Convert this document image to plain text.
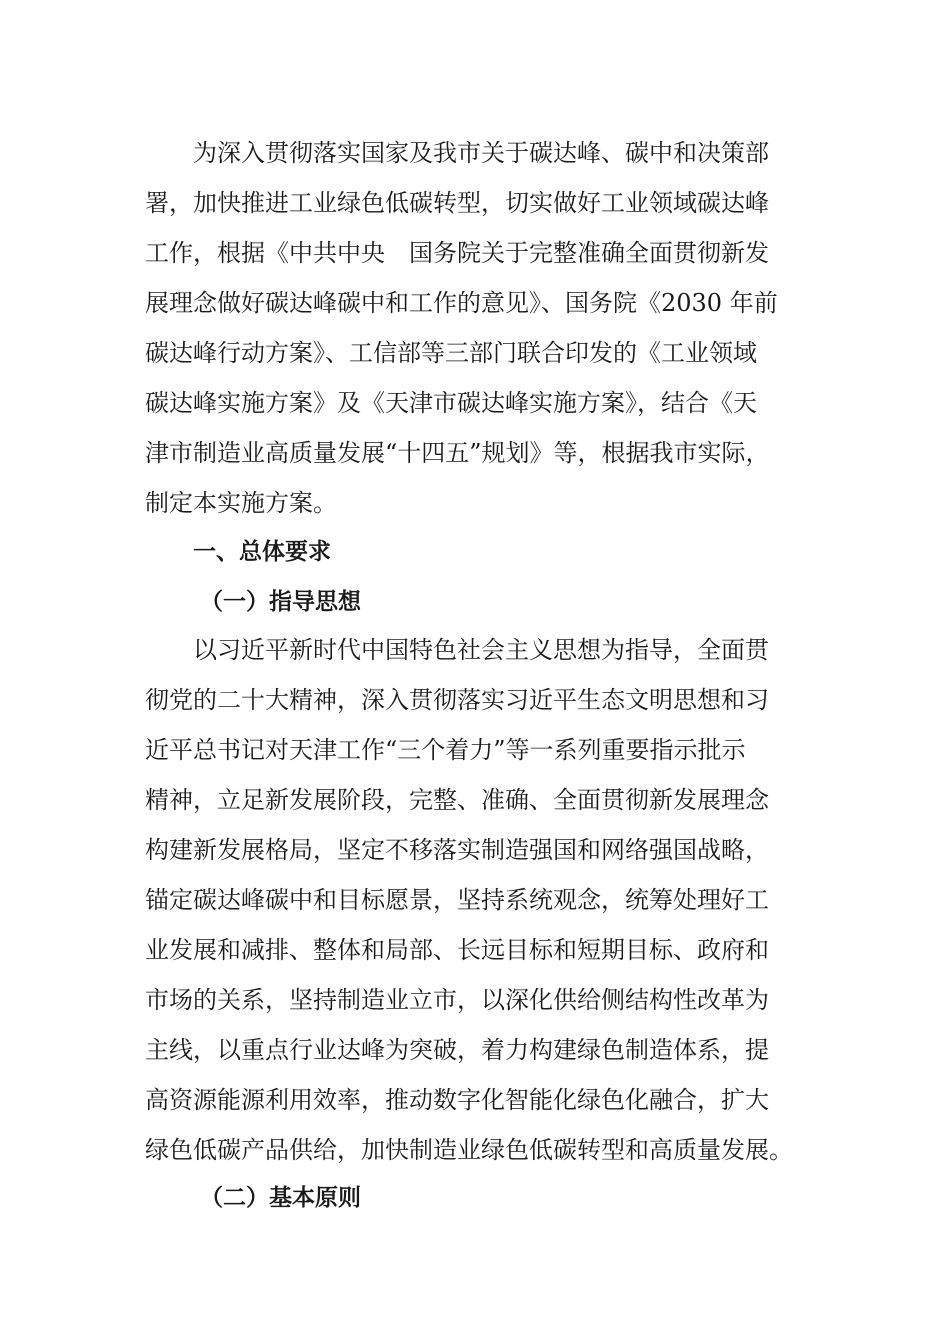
为深入贯彻落实国家及我市关于碳达峰、碳中和决策部
署，加快推进工业绿色低碳转型，切实做好工业领域碳达峰
工作，根据《中共中央　国务院关于完整准确全面贯彻新发
展理念做好碳达峰碳中和工作的意见》、国务院《2030 年前
碳达峰行动方案》、工信部等三部门联合印发的《工业领域
碳达峰实施方案》及《天津市碳达峰实施方案》，结合《天
津市制造业高质量发展“十四五”规划》等，根据我市实际，
制定本实施方案。
一、总体要求
（一）指导思想
以习近平新时代中国特色社会主义思想为指导，全面贯
彻党的二十大精神，深入贯彻落实习近平生态文明思想和习
近平总书记对天津工作“三个着力”等一系列重要指示批示
精神，立足新发展阶段，完整、准确、全面贯彻新发展理念
构建新发展格局，坚定不移落实制造强国和网络强国战略，
锚定碳达峰碳中和目标愿景，坚持系统观念，统筹处理好工
业发展和减排、整体和局部、长远目标和短期目标、政府和
市场的关系，坚持制造业立市，以深化供给侧结构性改革为
主线，以重点行业达峰为突破，着力构建绿色制造体系，提
高资源能源利用效率，推动数字化智能化绿色化融合，扩大
绿色低碳产品供给，加快制造业绿色低碳转型和高质量发展。
（二）基本原则
